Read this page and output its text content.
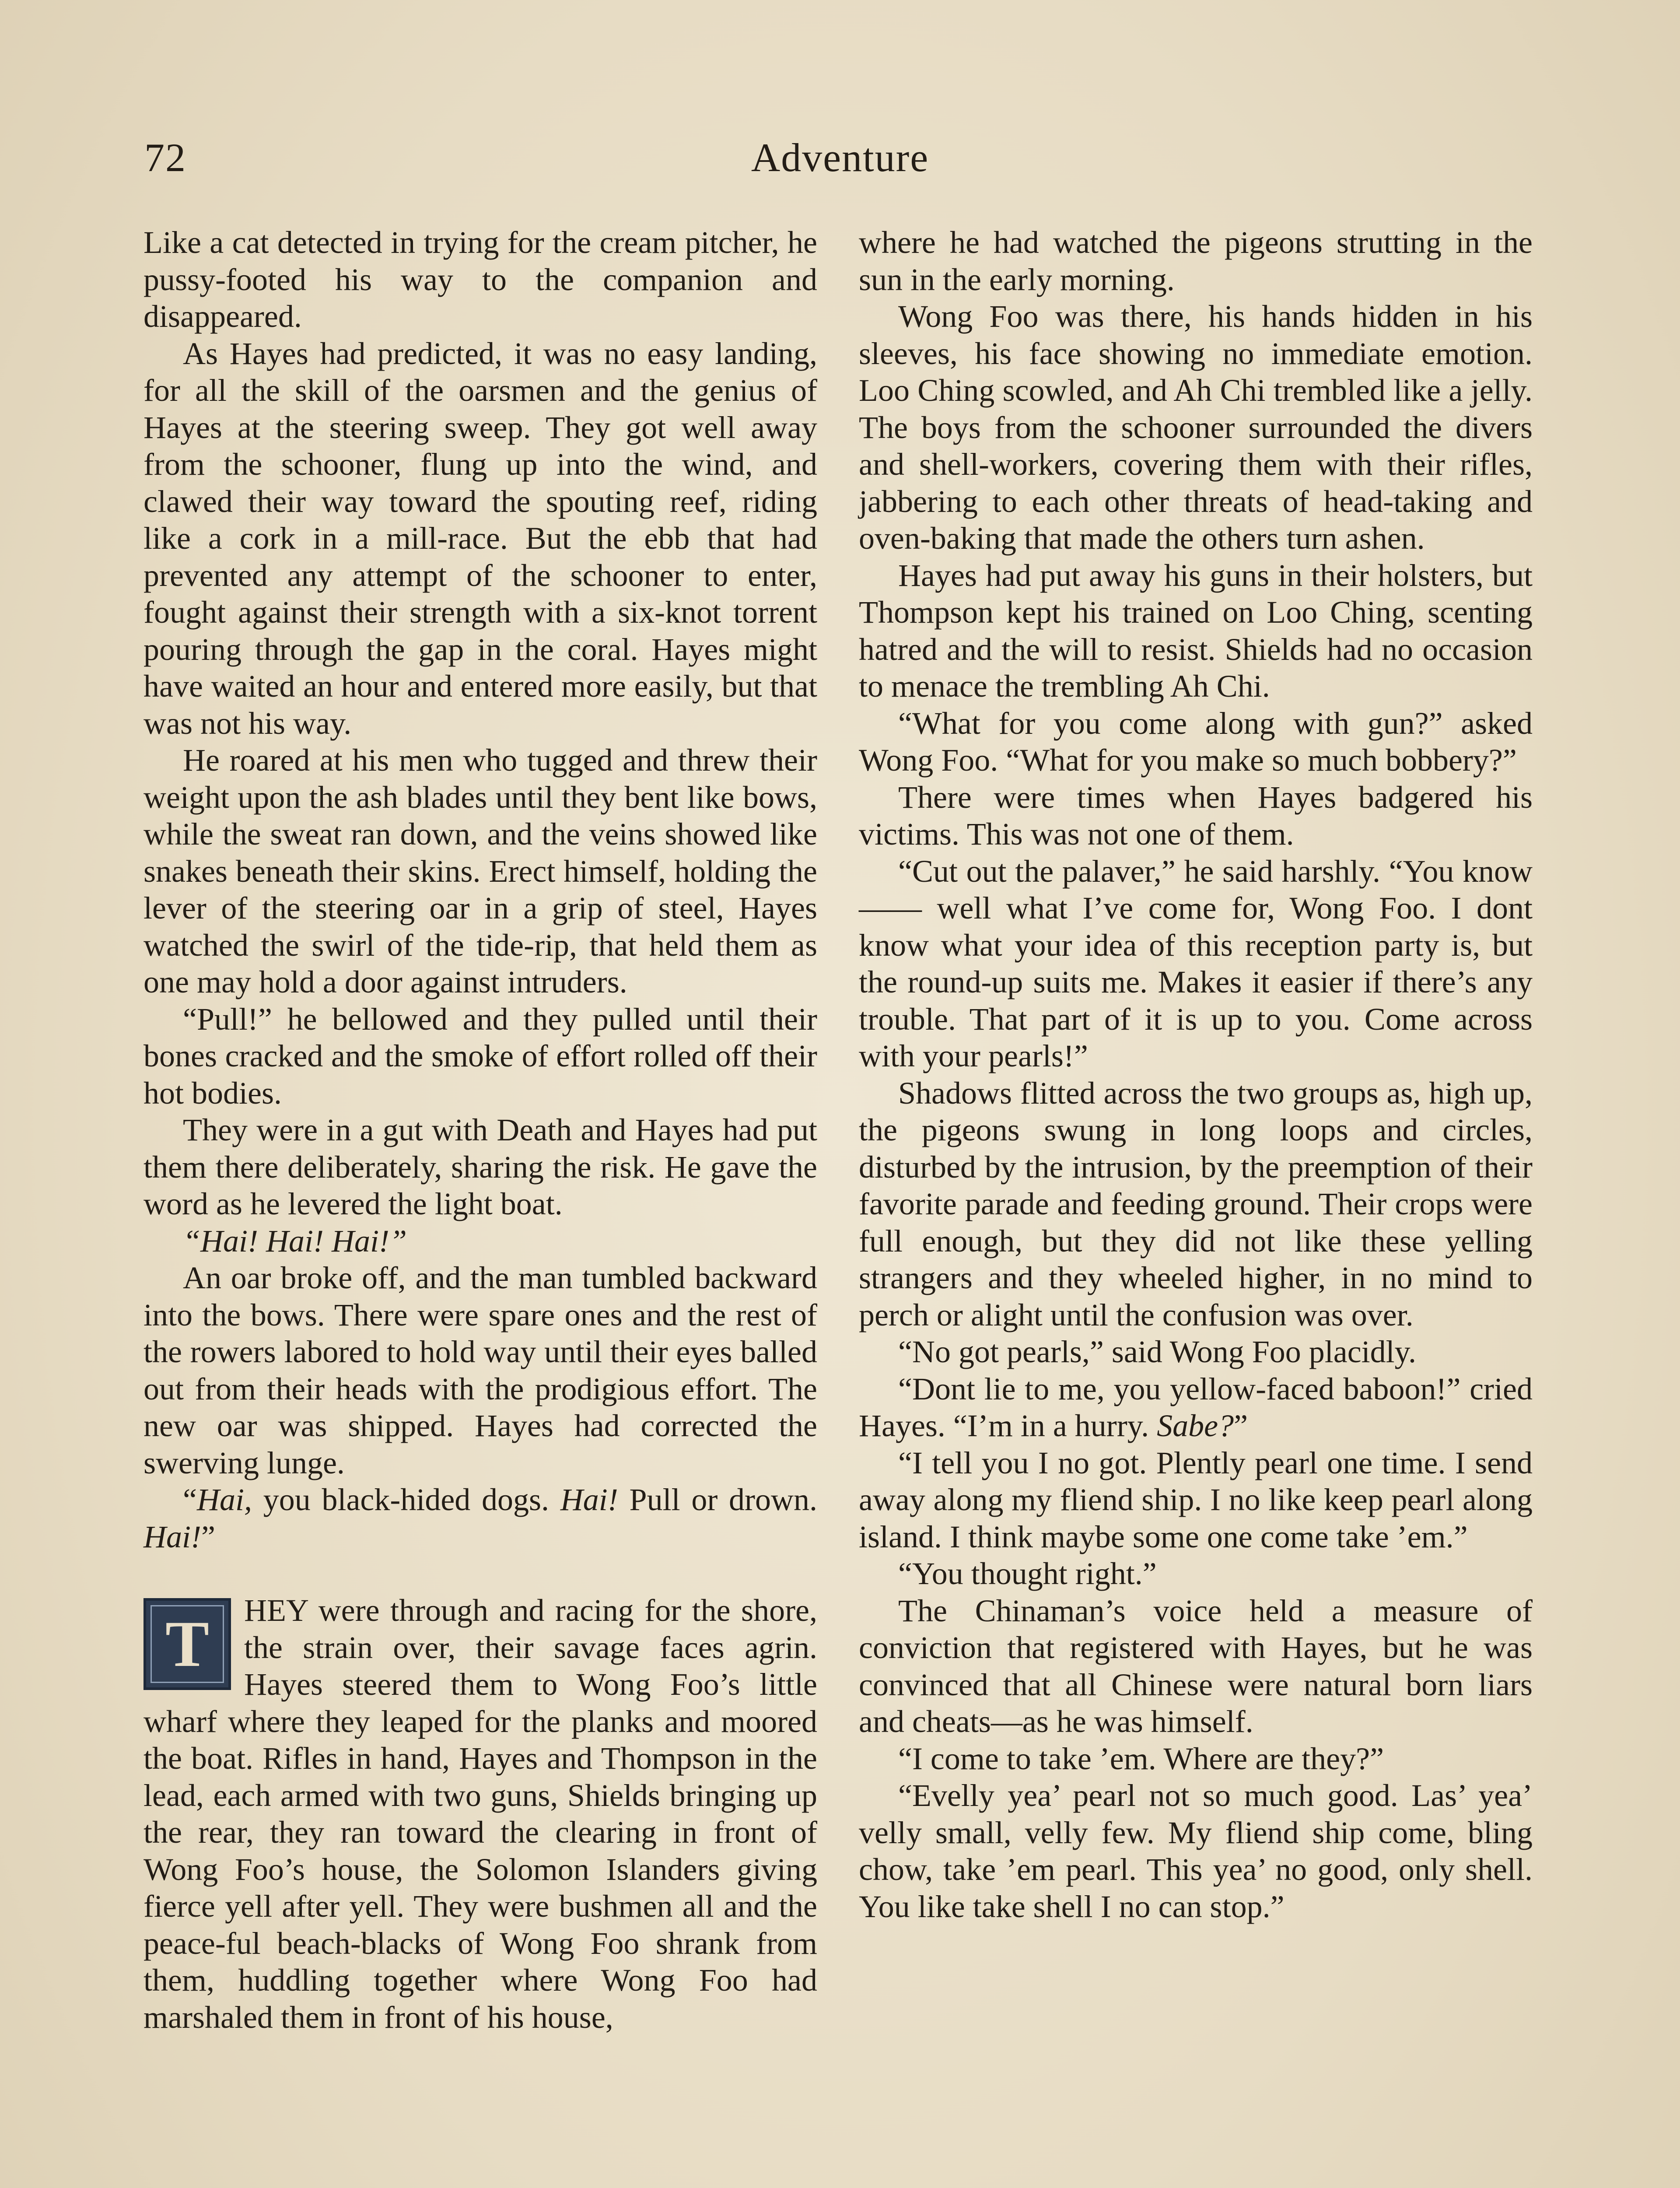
72	Adventure

Like a cat detected in trying for the cream pitcher, he pussy-footed his way to the companion and disappeared.

As Hayes had predicted, it was no easy landing, for all the skill of the oarsmen and the genius of Hayes at the steering sweep. They got well away from the schooner, flung up into the wind, and clawed their way toward the spouting reef, riding like a cork in a mill-race. But the ebb that had prevented any attempt of the schooner to enter, fought against their strength with a six-knot torrent pouring through the gap in the coral. Hayes might have waited an hour and entered more easily, but that was not his way.

He roared at his men who tugged and threw their weight upon the ash blades until they bent like bows, while the sweat ran down, and the veins showed like snakes beneath their skins. Erect himself, holding the lever of the steering oar in a grip of steel, Hayes watched the swirl of the tide-rip, that held them as one may hold a door against intruders.

“Pull!” he bellowed and they pulled until their bones cracked and the smoke of effort rolled off their hot bodies.

They were in a gut with Death and Hayes had put them there deliberately, sharing the risk. He gave the word as he levered the light boat.

“Hai! Hai! Hai!”

An oar broke off, and the man tumbled backward into the bows. There were spare ones and the rest of the rowers labored to hold way until their eyes balled out from their heads with the prodigious effort. The new oar was shipped. Hayes had corrected the swerving lunge.

“Hai, you black-hided dogs. Hai! Pull or drown. Hai!”

T HEY were through and racing for the shore, the strain over, their savage faces agrin. Hayes steered them to Wong Foo’s little wharf where they leaped for the planks and moored the boat. Rifles in hand, Hayes and Thompson in the lead, each armed with two guns, Shields bringing up the rear, they ran toward the clearing in front of Wong Foo’s house, the Solomon Islanders giving fierce yell after yell. They were bushmen all and the peace-ful beach-blacks of Wong Foo shrank from them, huddling together where Wong Foo had marshaled them in front of his house,

where he had watched the pigeons strutting in the sun in the early morning.

Wong Foo was there, his hands hidden in his sleeves, his face showing no immediate emotion. Loo Ching scowled, and Ah Chi trembled like a jelly. The boys from the schooner surrounded the divers and shell-workers, covering them with their rifles, jabbering to each other threats of head-taking and oven-baking that made the others turn ashen.

Hayes had put away his guns in their holsters, but Thompson kept his trained on Loo Ching, scenting hatred and the will to resist. Shields had no occasion to menace the trembling Ah Chi.

“What for you come along with gun?” asked Wong Foo. “What for you make so much bobbery?”

There were times when Hayes badgered his victims. This was not one of them.

“Cut out the palaver,” he said harshly. “You know —— well what I’ve come for, Wong Foo. I dont know what your idea of this reception party is, but the round-up suits me. Makes it easier if there’s any trouble. That part of it is up to you. Come across with your pearls!”

Shadows flitted across the two groups as, high up, the pigeons swung in long loops and circles, disturbed by the intrusion, by the preemption of their favorite parade and feeding ground. Their crops were full enough, but they did not like these yelling strangers and they wheeled higher, in no mind to perch or alight until the confusion was over.

“No got pearls,” said Wong Foo placidly.

“Dont lie to me, you yellow-faced baboon!” cried Hayes. “I’m in a hurry. Sabe?”

“I tell you I no got. Plently pearl one time. I send away along my fliend ship. I no like keep pearl along island. I think maybe some one come take ’em.”

“You thought right.”

The Chinaman’s voice held a measure of conviction that registered with Hayes, but he was convinced that all Chinese were natural born liars and cheats—as he was himself.

“I come to take ’em. Where are they?”

“Evelly yea’ pearl not so much good. Las’ yea’ velly small, velly few. My fliend ship come, bling chow, take ’em pearl. This yea’ no good, only shell. You like take shell I no can stop.”
